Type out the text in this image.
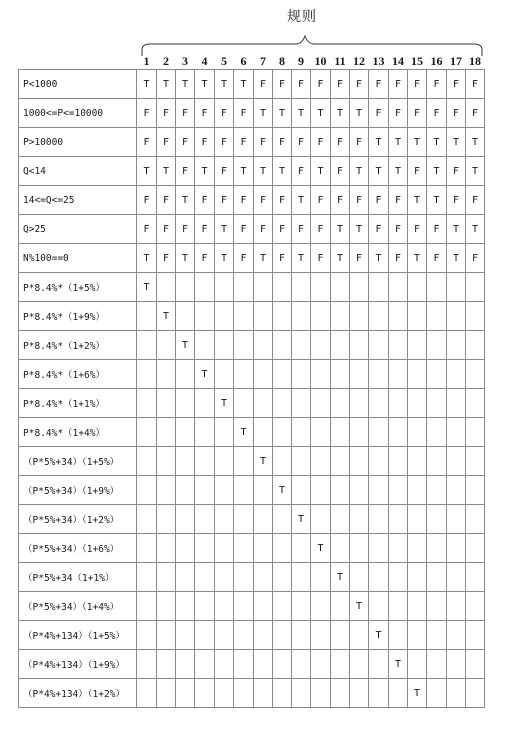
规则
	1	2	3	4	5	6	7	8	9	10	11	12	13	14	15	16	17	18
P<1000	T	T	T	T	T	T	F	F	F	F	F	F	F	F	F	F	F	F
1000<=P<=10000	F	F	F	F	F	F	T	T	T	T	T	T	F	F	F	F	F	F
P>10000	F	F	F	F	F	F	F	F	F	F	F	F	T	T	T	T	T	T
Q<14	T	T	F	T	F	T	T	T	F	T	F	T	T	T	F	T	F	T
14<=Q<=25	F	F	T	F	F	F	F	F	T	F	F	F	F	F	T	T	F	F
Q>25	F	F	F	F	T	F	F	F	F	F	T	T	F	F	F	F	T	T
N%100==0	T	F	T	F	T	F	T	F	T	F	T	F	T	F	T	F	T	F
P*8.4%*（1+5%）	T																	
P*8.4%*（1+9%）		T																
P*8.4%*（1+2%）			T															
P*8.4%*（1+6%）				T														
P*8.4%*（1+1%）					T													
P*8.4%*（1+4%）						T												
（P*5%+34）（1+5%）							T											
（P*5%+34）（1+9%）								T										
（P*5%+34）（1+2%）									T									
（P*5%+34）（1+6%）										T								
（P*5%+34（1+1%）											T							
（P*5%+34）（1+4%）												T						
（P*4%+134）（1+5%）													T					
（P*4%+134）（1+9%）														T				
（P*4%+134）（1+2%）															T			
